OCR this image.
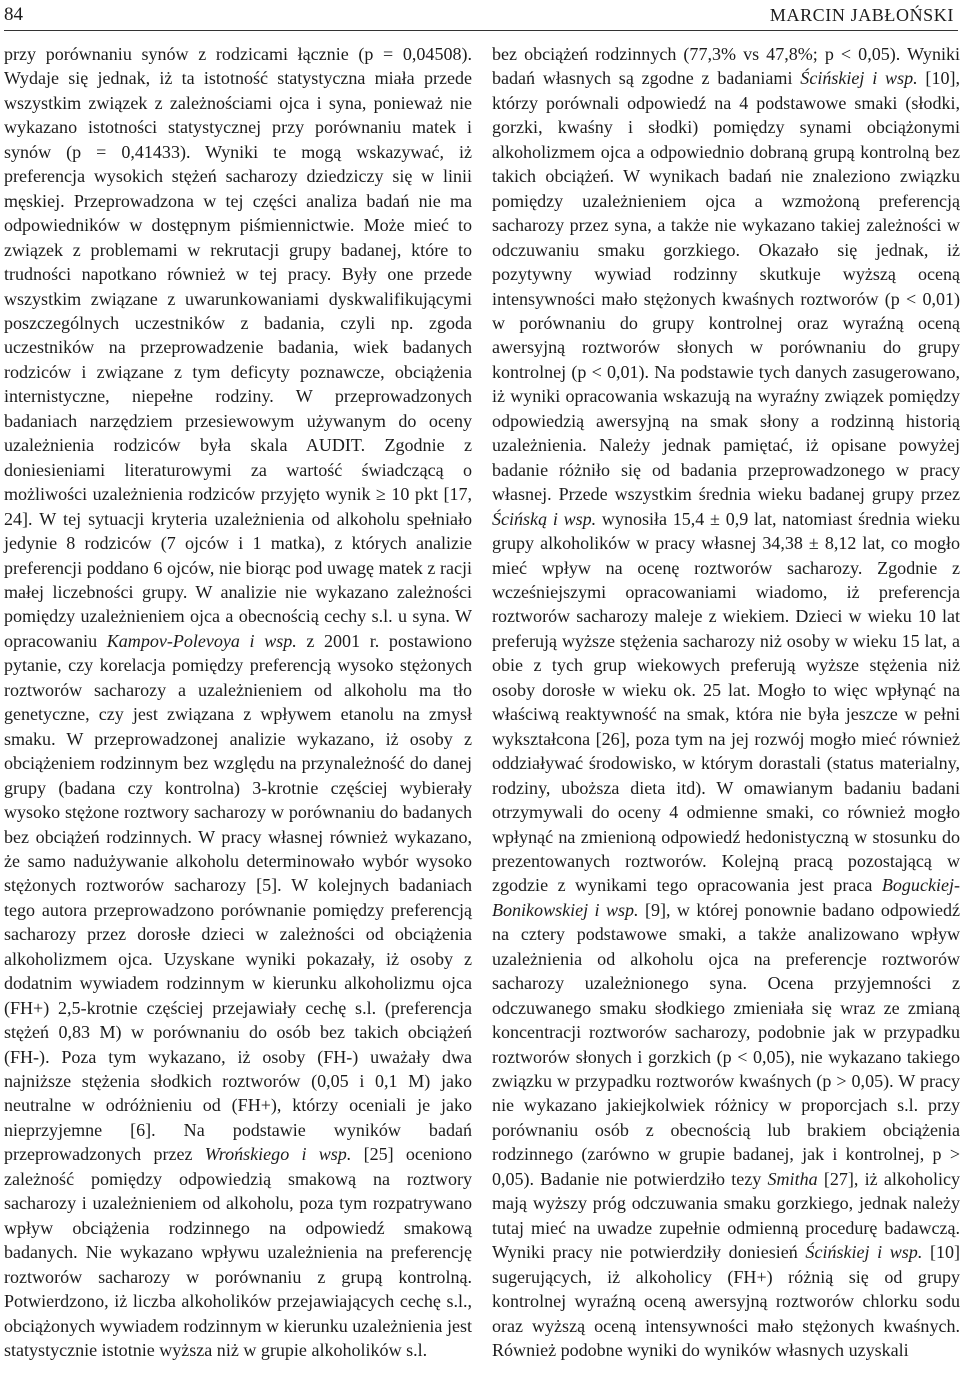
84	MARCIN JABŁOŃSKI

przy porównaniu synów z rodzicami łącznie (p = 0,04508). Wydaje się jednak, iż ta istotność statystyczna miała przede wszystkim związek z zależnościami ojca i syna, ponieważ nie wykazano istotności statystycznej przy porównaniu matek i synów (p = 0,41433). Wyniki te mogą wskazywać, iż preferencja wysokich stężeń sacharozy dziedziczy się w linii męskiej. Przeprowadzona w tej części analiza badań nie ma odpowiedników w dostępnym piśmiennictwie. Może mieć to związek z problemami w rekrutacji grupy badanej, które to trudności napotkano również w tej pracy. Były one przede wszystkim związane z uwarunkowaniami dyskwalifikującymi poszczególnych uczestników z badania, czyli np. zgoda uczestników na przeprowadzenie badania, wiek badanych rodziców i związane z tym deficyty poznawcze, obciążenia internistyczne, niepełne rodziny. W przeprowadzonych badaniach narzędziem przesiewowym używanym do oceny uzależnienia rodziców była skala AUDIT. Zgodnie z doniesieniami literaturowymi za wartość świadczącą o możliwości uzależnienia rodziców przyjęto wynik ≥ 10 pkt [17, 24]. W tej sytuacji kryteria uzależnienia od alkoholu spełniało jedynie 8 rodziców (7 ojców i 1 matka), z których analizie preferencji poddano 6 ojców, nie biorąc pod uwagę matek z racji małej liczebności grupy. W analizie nie wykazano zależności pomiędzy uzależnieniem ojca a obecnością cechy s.l. u syna. W opracowaniu Kampov-Polevoya i wsp. z 2001 r. postawiono pytanie, czy korelacja pomiędzy preferencją wysoko stężonych roztworów sacharozy a uzależnieniem od alkoholu ma tło genetyczne, czy jest związana z wpływem etanolu na zmysł smaku. W przeprowadzonej analizie wykazano, iż osoby z obciążeniem rodzinnym bez względu na przynależność do danej grupy (badana czy kontrolna) 3-krotnie częściej wybierały wysoko stężone roztwory sacharozy w porównaniu do badanych bez obciążeń rodzinnych. W pracy własnej również wykazano, że samo nadużywanie alkoholu determinowało wybór wysoko stężonych roztworów sacharozy [5]. W kolejnych badaniach tego autora przeprowadzono porównanie pomiędzy preferencją sacharozy przez dorosłe dzieci w zależności od obciążenia alkoholizmem ojca. Uzyskane wyniki pokazały, iż osoby z dodatnim wywiadem rodzinnym w kierunku alkoholizmu ojca (FH+) 2,5-krotnie częściej przejawiały cechę s.l. (preferencja stężeń 0,83 M) w porównaniu do osób bez takich obciążeń (FH-). Poza tym wykazano, iż osoby (FH-) uważały dwa najniższe stężenia słodkich roztworów (0,05 i 0,1 M) jako neutralne w odróżnieniu od (FH+), którzy oceniali je jako nieprzyjemne [6]. Na podstawie wyników badań przeprowadzonych przez Wrońskiego i wsp. [25] oceniono zależność pomiędzy odpowiedzią smakową na roztwory sacharozy i uzależnieniem od alkoholu, poza tym rozpatrywano wpływ obciążenia rodzinnego na odpowiedź smakową badanych. Nie wykazano wpływu uzależnienia na preferencję roztworów sacharozy w porównaniu z grupą kontrolną. Potwierdzono, iż liczba alkoholików przejawiających cechę s.l., obciążonych wywiadem rodzinnym w kierunku uzależnienia jest statystycznie istotnie wyższa niż w grupie alkoholików s.l.

bez obciążeń rodzinnych (77,3% vs 47,8%; p < 0,05). Wyniki badań własnych są zgodne z badaniami Ścińskiej i wsp. [10], którzy porównali odpowiedź na 4 podstawowe smaki (słodki, gorzki, kwaśny i słodki) pomiędzy synami obciążonymi alkoholizmem ojca a odpowiednio dobraną grupą kontrolną bez takich obciążeń. W wynikach badań nie znaleziono związku pomiędzy uzależnieniem ojca a wzmożoną preferencją sacharozy przez syna, a także nie wykazano takiej zależności w odczuwaniu smaku gorzkiego. Okazało się jednak, iż pozytywny wywiad rodzinny skutkuje wyższą oceną intensywności mało stężonych kwaśnych roztworów (p < 0,01) w porównaniu do grupy kontrolnej oraz wyraźną oceną awersyjną roztworów słonych w porównaniu do grupy kontrolnej (p < 0,01). Na podstawie tych danych zasugerowano, iż wyniki opracowania wskazują na wyraźny związek pomiędzy odpowiedzią awersyjną na smak słony a rodzinną historią uzależnienia. Należy jednak pamiętać, iż opisane powyżej badanie różniło się od badania przeprowadzonego w pracy własnej. Przede wszystkim średnia wieku badanej grupy przez Ścińską i wsp. wynosiła 15,4 ± 0,9 lat, natomiast średnia wieku grupy alkoholików w pracy własnej 34,38 ± 8,12 lat, co mogło mieć wpływ na ocenę roztworów sacharozy. Zgodnie z wcześniejszymi opracowaniami wiadomo, iż preferencja roztworów sacharozy maleje z wiekiem. Dzieci w wieku 10 lat preferują wyższe stężenia sacharozy niż osoby w wieku 15 lat, a obie z tych grup wiekowych preferują wyższe stężenia niż osoby dorosłe w wieku ok. 25 lat. Mogło to więc wpłynąć na właściwą reaktywność na smak, która nie była jeszcze w pełni wykształcona [26], poza tym na jej rozwój mogło mieć również oddziaływać środowisko, w którym dorastali (status materialny, rodziny, uboższa dieta itd). W omawianym badaniu badani otrzymywali do oceny 4 odmienne smaki, co również mogło wpłynąć na zmienioną odpowiedź hedonistyczną w stosunku do prezentowanych roztworów. Kolejną pracą pozostającą w zgodzie z wynikami tego opracowania jest praca Boguckiej-Bonikowskiej i wsp. [9], w której ponownie badano odpowiedź na cztery podstawowe smaki, a także analizowano wpływ uzależnienia od alkoholu ojca na preferencje roztworów sacharozy uzależnionego syna. Ocena przyjemności z odczuwanego smaku słodkiego zmieniała się wraz ze zmianą koncentracji roztworów sacharozy, podobnie jak w przypadku roztworów słonych i gorzkich (p < 0,05), nie wykazano takiego związku w przypadku roztworów kwaśnych (p > 0,05). W pracy nie wykazano jakiejkolwiek różnicy w proporcjach s.l. przy porównaniu osób z obecnością lub brakiem obciążenia rodzinnego (zarówno w grupie badanej, jak i kontrolnej, p > 0,05). Badanie nie potwierdziło tezy Smitha [27], iż alkoholicy mają wyższy próg odczuwania smaku gorzkiego, jednak należy tutaj mieć na uwadze zupełnie odmienną procedurę badawczą. Wyniki pracy nie potwierdziły doniesień Ścińskiej i wsp. [10] sugerujących, iż alkoholicy (FH+) różnią się od grupy kontrolnej wyraźną oceną awersyjną roztworów chlorku sodu oraz wyższą oceną intensywności mało stężonych kwaśnych. Również podobne wyniki do wyników własnych uzyskali
